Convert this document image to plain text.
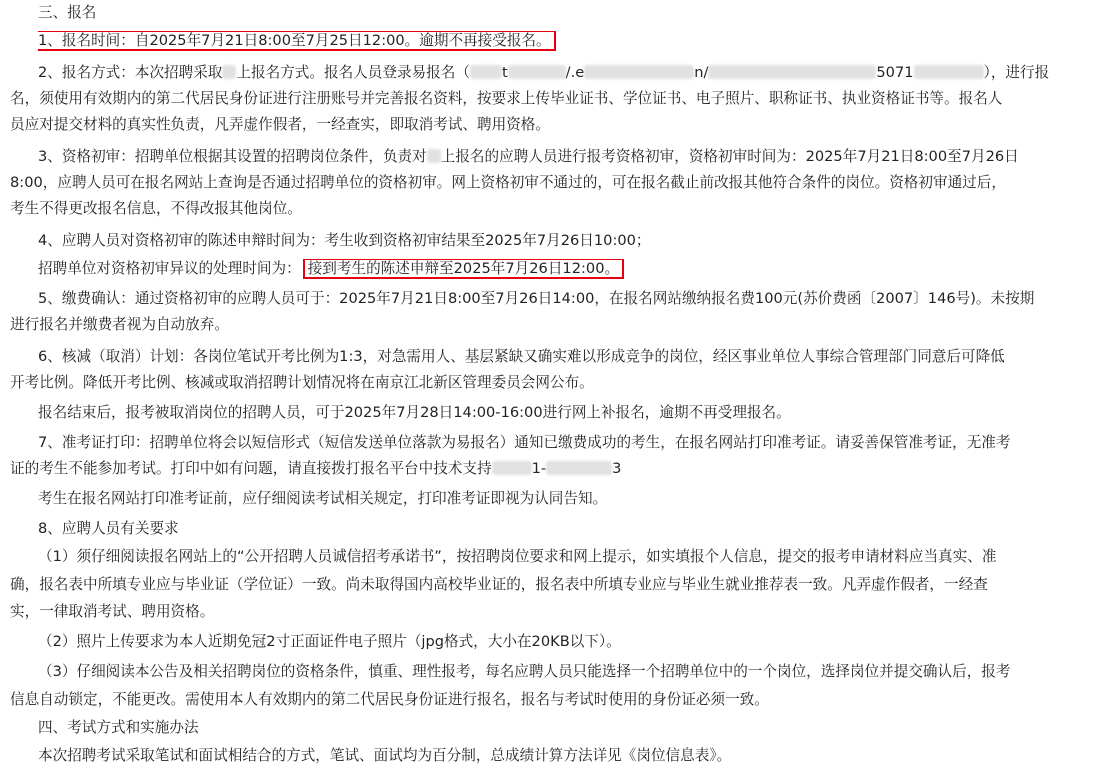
三、报名
1、报名时间：自2025年7月21日8:00至7月25日12:00。逾期不再接受报名。
2、报名方式：本次招聘采取 上报名方式。报名人员登录易报名（ t	/.e	n/	5071	），进行报
名，须使用有效期内的第二代居民身份证进行注册账号并完善报名资料，按要求上传毕业证书、学位证书、电子照片、职称证书、执业资格证书等。报名人
员应对提交材料的真实性负责，凡弄虚作假者，一经查实，即取消考试、聘用资格。
3、资格初审：招聘单位根据其设置的招聘岗位条件，负责对 上报名的应聘人员进行报考资格初审，资格初审时间为：2025年7月21日8:00至7月26日
8:00，应聘人员可在报名网站上查询是否通过招聘单位的资格初审。网上资格初审不通过的，可在报名截止前改报其他符合条件的岗位。资格初审通过后，
考生不得更改报名信息，不得改报其他岗位。
4、应聘人员对资格初审的陈述申辩时间为：考生收到资格初审结果至2025年7月26日10:00；
招聘单位对资格初审异议的处理时间为： 接到考生的陈述申辩至2025年7月26日12:00。
5、缴费确认：通过资格初审的应聘人员可于：2025年7月21日8:00至7月26日14:00，在报名网站缴纳报名费100元(苏价费函〔2007〕146号)。未按期
进行报名并缴费者视为自动放弃。
6、核减（取消）计划：各岗位笔试开考比例为1:3，对急需用人、基层紧缺又确实难以形成竞争的岗位，经区事业单位人事综合管理部门同意后可降低
开考比例。降低开考比例、核减或取消招聘计划情况将在南京江北新区管理委员会网公布。
报名结束后，报考被取消岗位的招聘人员，可于2025年7月28日14:00-16:00进行网上补报名，逾期不再受理报名。
7、准考证打印：招聘单位将会以短信形式（短信发送单位落款为易报名）通知已缴费成功的考生，在报名网站打印准考证。请妥善保管准考证，无准考
证的考生不能参加考试。打印中如有问题，请直接拨打报名平台中技术支持	1-	3
考生在报名网站打印准考证前，应仔细阅读考试相关规定，打印准考证即视为认同告知。
8、应聘人员有关要求
（1）须仔细阅读报名网站上的“公开招聘人员诚信招考承诺书”，按招聘岗位要求和网上提示，如实填报个人信息，提交的报考申请材料应当真实、准
确，报名表中所填专业应与毕业证（学位证）一致。尚未取得国内高校毕业证的，报名表中所填专业应与毕业生就业推荐表一致。凡弄虚作假者，一经查
实，一律取消考试、聘用资格。
（2）照片上传要求为本人近期免冠2寸正面证件电子照片（jpg格式，大小在20KB以下）。
（3）仔细阅读本公告及相关招聘岗位的资格条件，慎重、理性报考，每名应聘人员只能选择一个招聘单位中的一个岗位，选择岗位并提交确认后，报考
信息自动锁定，不能更改。需使用本人有效期内的第二代居民身份证进行报名，报名与考试时使用的身份证必须一致。
四、考试方式和实施办法
本次招聘考试采取笔试和面试相结合的方式，笔试、面试均为百分制，总成绩计算方法详见《岗位信息表》。
